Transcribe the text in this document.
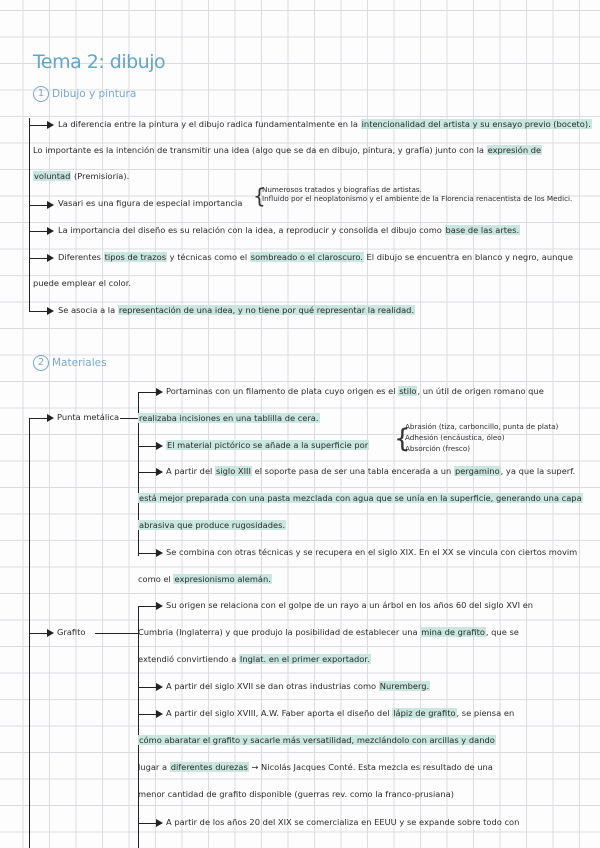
Tema 2: dibujo
1 Dibujo y pintura
La diferencia entre la pintura y el dibujo radica fundamentalmente en la intencionalidad del artista y su ensayo previo (boceto).
Lo importante es la intención de transmitir una idea (algo que se da en dibujo, pintura, y grafía) junto con la expresión de
voluntad (Premisioria).
Vasari es una figura de especial importancia {
Numerosos tratados y biografías de artistas.
Influido por el neoplatonismo y el ambiente de la Florencia renacentista de los Medici.
La importancia del diseño es su relación con la idea, a reproducir y consolida el dibujo como base de las artes.
Diferentes tipos de trazos y técnicas como el sombreado o el claroscuro. El dibujo se encuentra en blanco y negro, aunque
puede emplear el color.
Se asocia a la representación de una idea, y no tiene por qué representar la realidad.
2 Materiales
Punta metálica
Portaminas con un filamento de plata cuyo origen es el stilo, un útil de origen romano que
realizaba incisiones en una tablilla de cera.
El material pictórico se añade a la superficie por {
Abrasión (tiza, carboncillo, punta de plata)
Adhesión (encáustica, óleo)
Absorción (fresco)
A partir del siglo XIII el soporte pasa de ser una tabla encerada a un pergamino, ya que la superf.
está mejor preparada con una pasta mezclada con agua que se unía en la superficie, generando una capa
abrasiva que produce rugosidades.
Se combina con otras técnicas y se recupera en el siglo XIX. En el XX se vincula con ciertos movim
como el expresionismo alemán.
Grafito
Su origen se relaciona con el golpe de un rayo a un árbol en los años 60 del siglo XVI en
Cumbria (Inglaterra) y que produjo la posibilidad de establecer una mina de grafito, que se
extendió convirtiendo a Inglat. en el primer exportador.
A partir del siglo XVII se dan otras industrias como Nuremberg.
A partir del siglo XVIII, A.W. Faber aporta el diseño del lápiz de grafito, se piensa en
cómo abaratar el grafito y sacarle más versatilidad, mezclándolo con arcillas y dando
lugar a diferentes durezas → Nicolás Jacques Conté. Esta mezcla es resultado de una
menor cantidad de grafito disponible (guerras rev. como la franco-prusiana)
A partir de los años 20 del XIX se comercializa en EEUU y se expande sobre todo con
